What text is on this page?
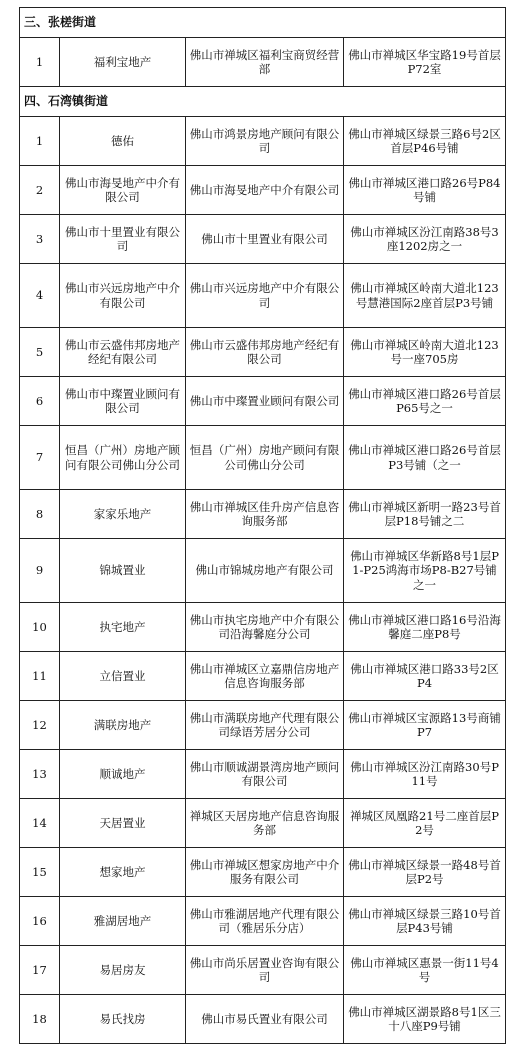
三、张槎街道			
1	福利宝地产	佛山市禅城区福利宝商贸经营部	佛山市禅城区华宝路19号首层P72室
四、石湾镇街道			
1	德佑	佛山市鸿景房地产顾问有限公司	佛山市禅城区绿景三路6号2区首层P46号铺
2	佛山市海旻地产中介有限公司	佛山市海旻地产中介有限公司	佛山市禅城区港口路26号P84号铺
3	佛山市十里置业有限公司	佛山市十里置业有限公司	佛山市禅城区汾江南路38号3座1202房之一
4	佛山市兴远房地产中介有限公司	佛山市兴远房地产中介有限公司	佛山市禅城区岭南大道北123号慧港国际2座首层P3号铺
5	佛山市云盛伟邦房地产经纪有限公司	佛山市云盛伟邦房地产经纪有限公司	佛山市禅城区岭南大道北123号一座705房
6	佛山市中璨置业顾问有限公司	佛山市中璨置业顾问有限公司	佛山市禅城区港口路26号首层P65号之一
7	恒昌（广州）房地产顾问有限公司佛山分公司	恒昌（广州）房地产顾问有限公司佛山分公司	佛山市禅城区港口路26号首层P3号铺（之一
8	家家乐地产	佛山市禅城区佳升房产信息咨询服务部	佛山市禅城区新明一路23号首层P18号铺之二
9	锦城置业	佛山市锦城房地产有限公司	佛山市禅城区华新路8号1层P1-P25鸿海市场P8-B27号铺之一
10	执宅地产	佛山市执宅房地产中介有限公司沿海馨庭分公司	佛山市禅城区港口路16号沿海馨庭二座P8号
11	立信置业	佛山市禅城区立嘉鼎信房地产信息咨询服务部	佛山市禅城区港口路33号2区P4
12	满联房地产	佛山市满联房地产代理有限公司绿语芳居分公司	佛山市禅城区宝源路13号商铺P7
13	顺诚地产	佛山市顺诚湖景湾房地产顾问有限公司	佛山市禅城区汾江南路30号P11号
14	天居置业	禅城区天居房地产信息咨询服务部	禅城区凤凰路21号二座首层P2号
15	想家地产	佛山市禅城区想家房地产中介服务有限公司	佛山市禅城区绿景一路48号首层P2号
16	雅湖居地产	佛山市雅湖居地产代理有限公司（雅居乐分店）	佛山市禅城区绿景三路10号首层P43号铺
17	易居房友	佛山市尚乐居置业咨询有限公司	佛山市禅城区惠景一街11号4号
18	易氏找房	佛山市易氏置业有限公司	佛山市禅城区湖景路8号1区三十八座P9号铺
